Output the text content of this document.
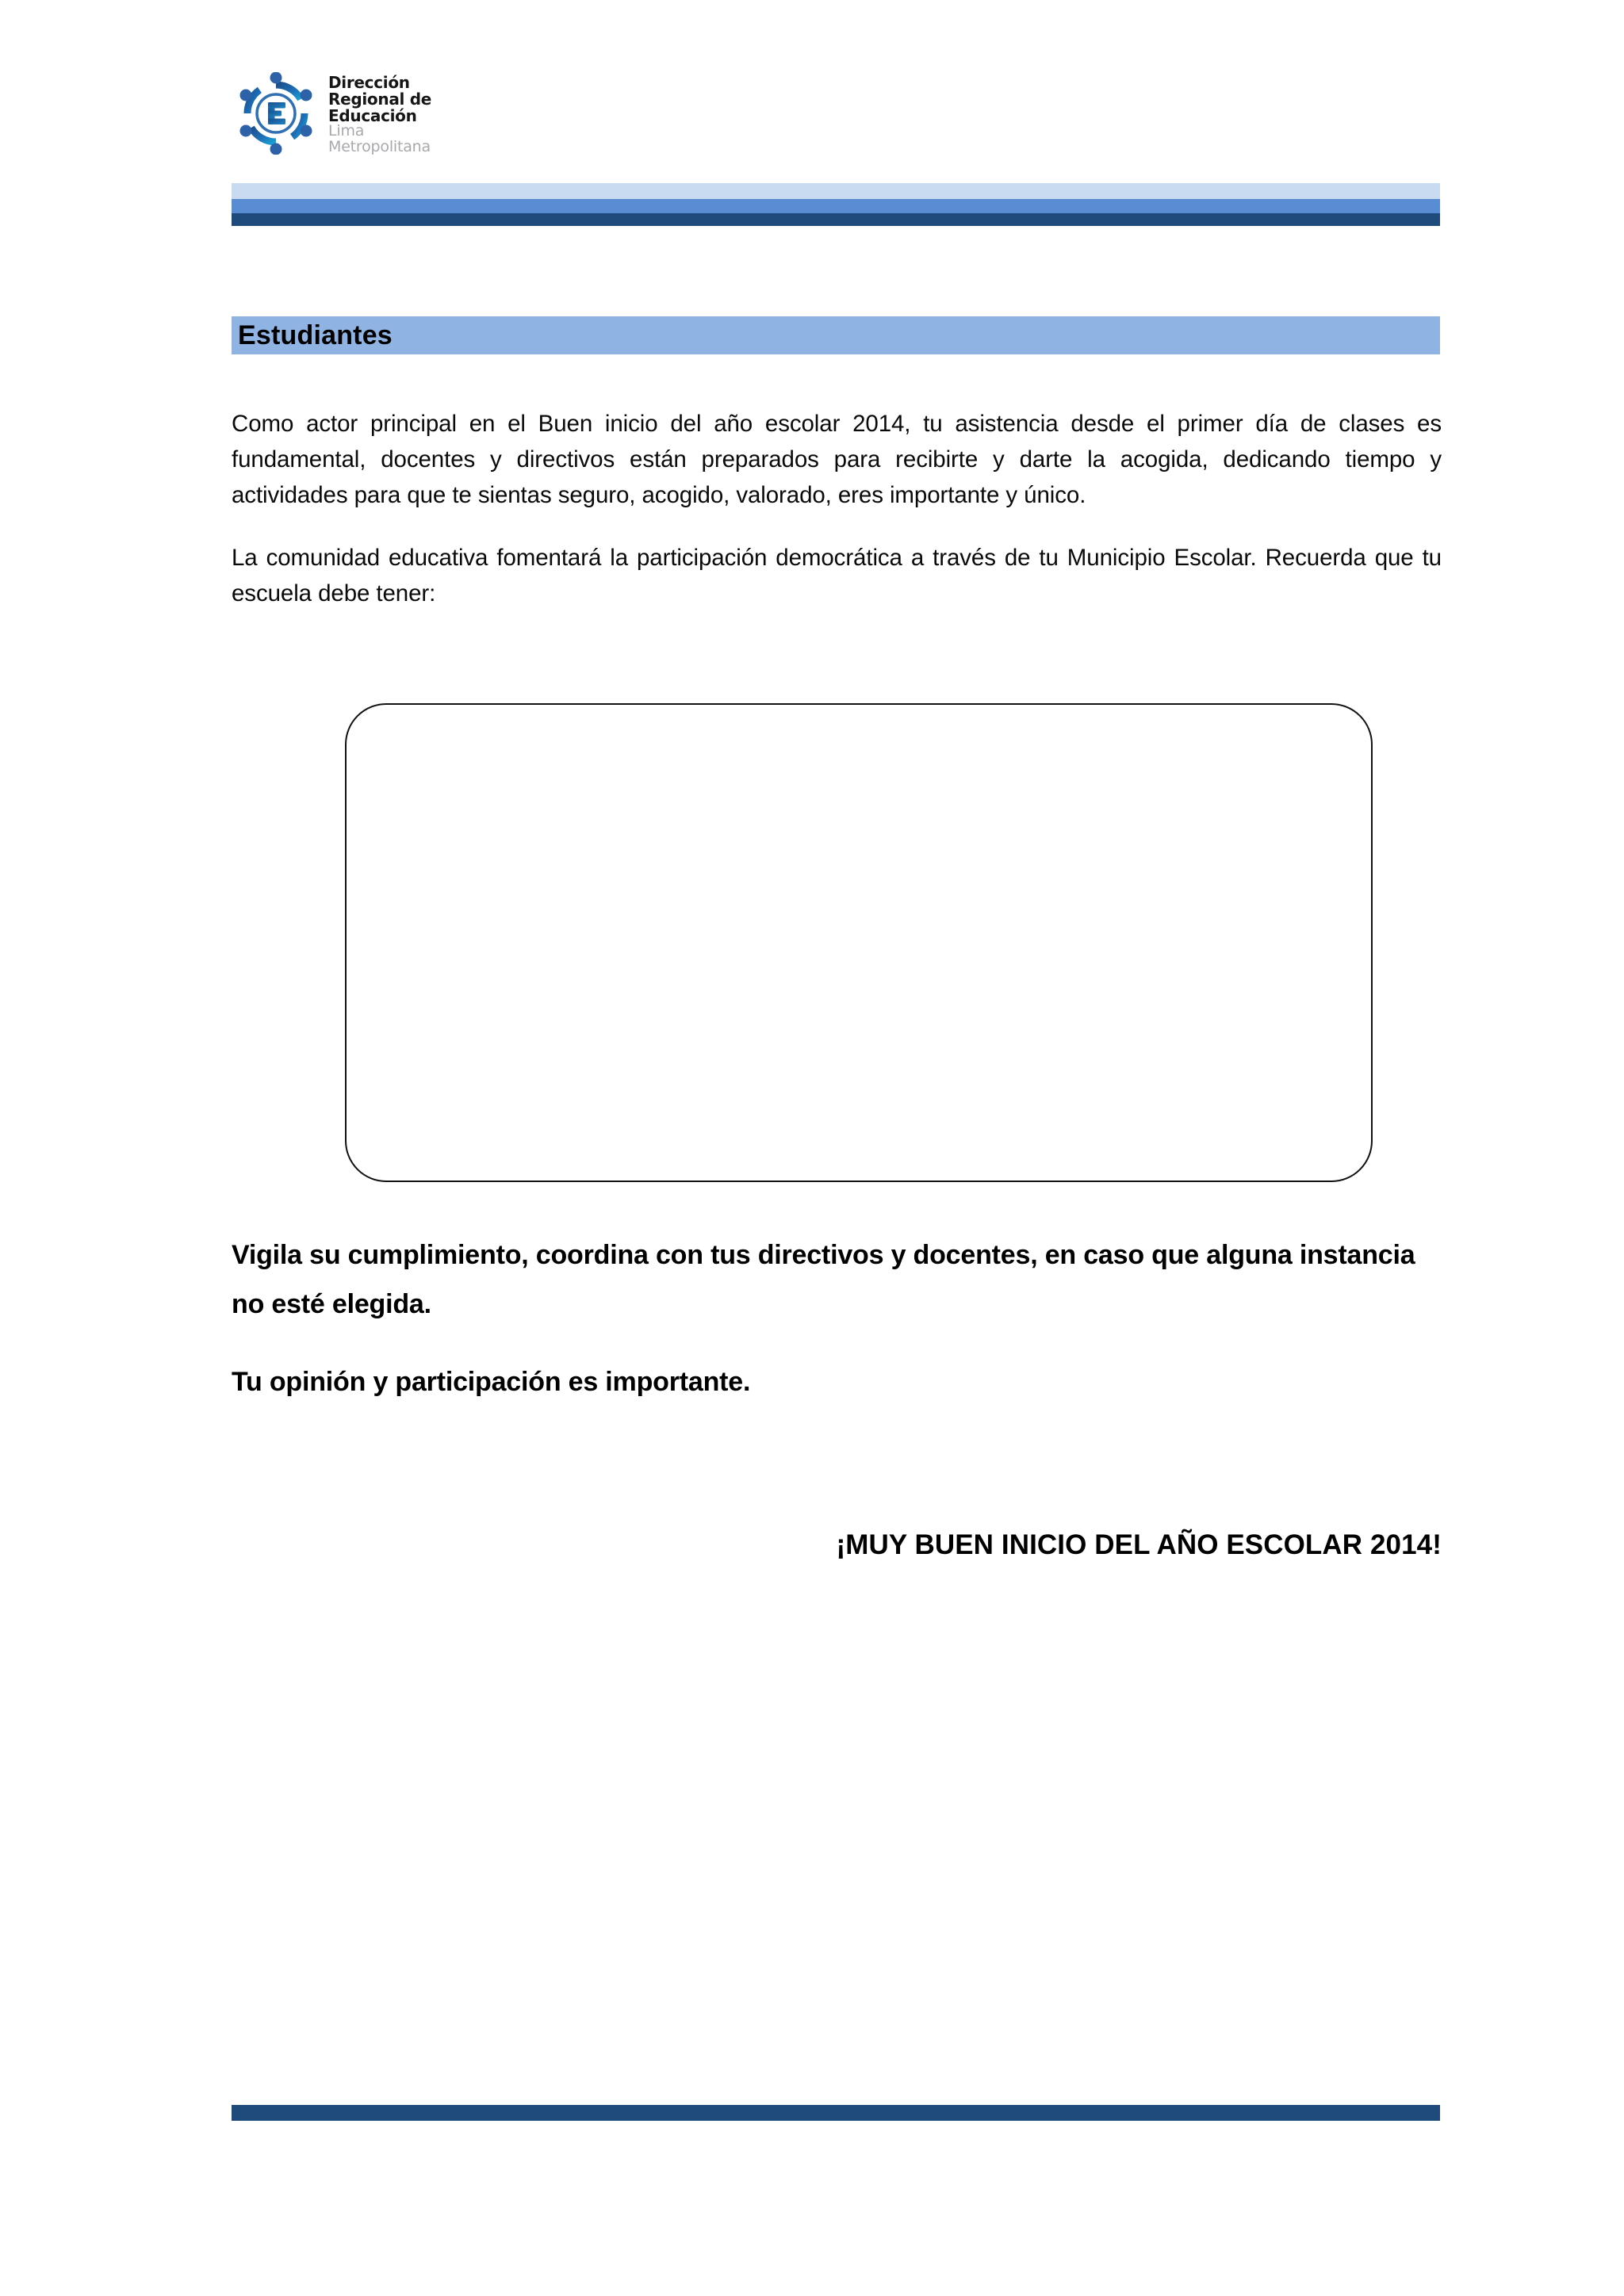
Dirección
Regional de
Educación
Lima
Metropolitana
Estudiantes

Como actor principal en el Buen inicio del año escolar 2014, tu asistencia desde el primer día de clases es fundamental, docentes y directivos están preparados para recibirte y darte la acogida, dedicando tiempo y actividades para que te sientas seguro, acogido, valorado, eres importante y único.

La comunidad educativa fomentará la participación democrática a través de tu Municipio Escolar. Recuerda que tu escuela debe tener:

Vigila su cumplimiento, coordina con tus directivos y docentes, en caso que alguna instancia no esté elegida.

Tu opinión y participación es importante.

¡MUY BUEN INICIO DEL AÑO ESCOLAR 2014!
